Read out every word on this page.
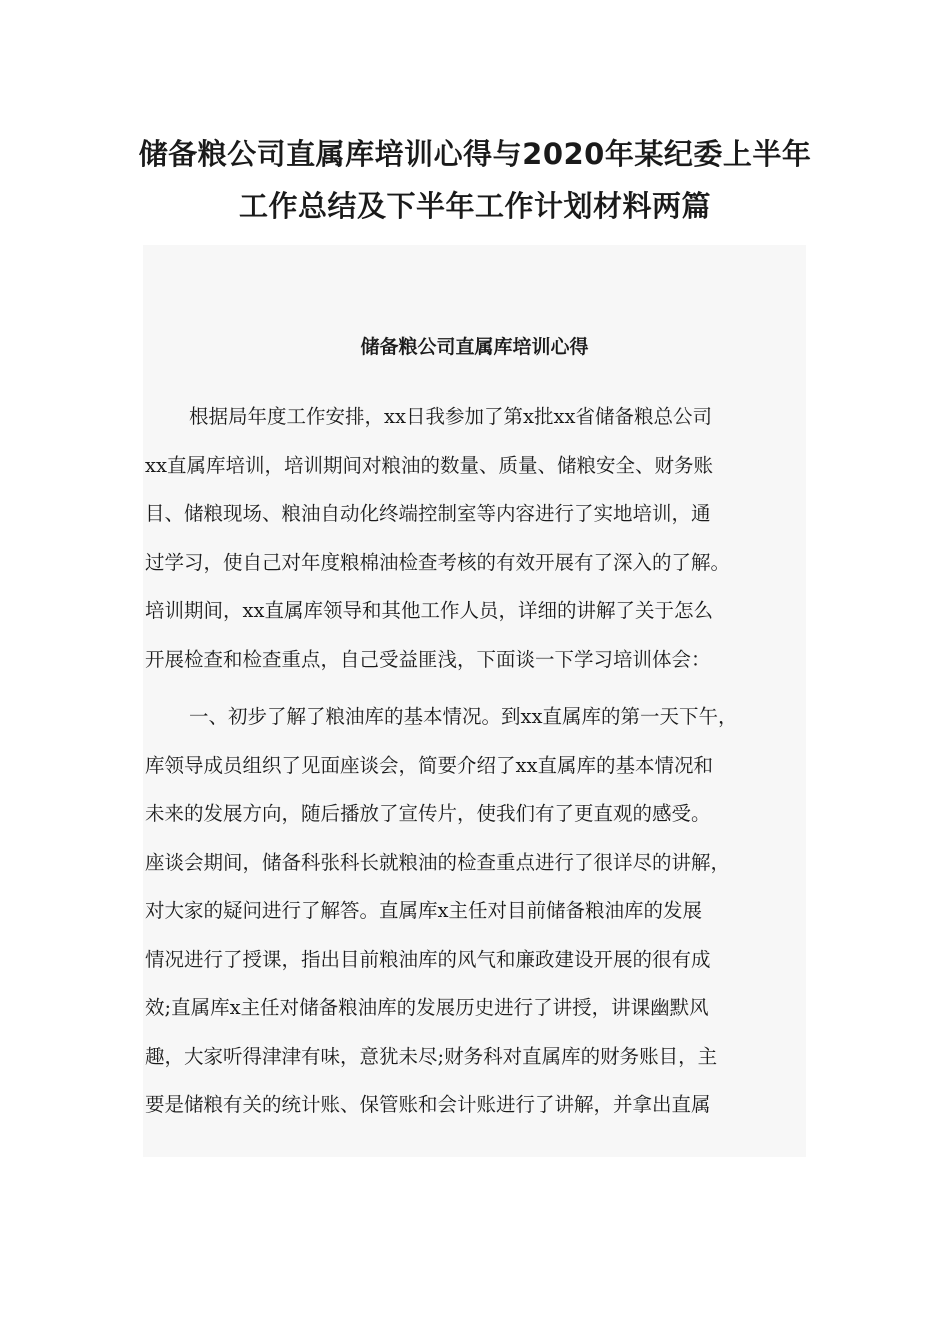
储备粮公司直属库培训心得与2020年某纪委上半年
工作总结及下半年工作计划材料两篇
储备粮公司直属库培训心得

根据局年度工作安排，xx日我参加了第x批xx省储备粮总公司
xx直属库培训，培训期间对粮油的数量、质量、储粮安全、财务账
目、储粮现场、粮油自动化终端控制室等内容进行了实地培训，通
过学习，使自己对年度粮棉油检查考核的有效开展有了深入的了解。
培训期间，xx直属库领导和其他工作人员，详细的讲解了关于怎么
开展检查和检查重点，自己受益匪浅，下面谈一下学习培训体会：

一、初步了解了粮油库的基本情况。到xx直属库的第一天下午，
库领导成员组织了见面座谈会，简要介绍了xx直属库的基本情况和
未来的发展方向，随后播放了宣传片，使我们有了更直观的感受。
座谈会期间，储备科张科长就粮油的检查重点进行了很详尽的讲解，
对大家的疑问进行了解答。直属库x主任对目前储备粮油库的发展
情况进行了授课，指出目前粮油库的风气和廉政建设开展的很有成
效;直属库x主任对储备粮油库的发展历史进行了讲授，讲课幽默风
趣，大家听得津津有味，意犹未尽;财务科对直属库的财务账目，主
要是储粮有关的统计账、保管账和会计账进行了讲解，并拿出直属
